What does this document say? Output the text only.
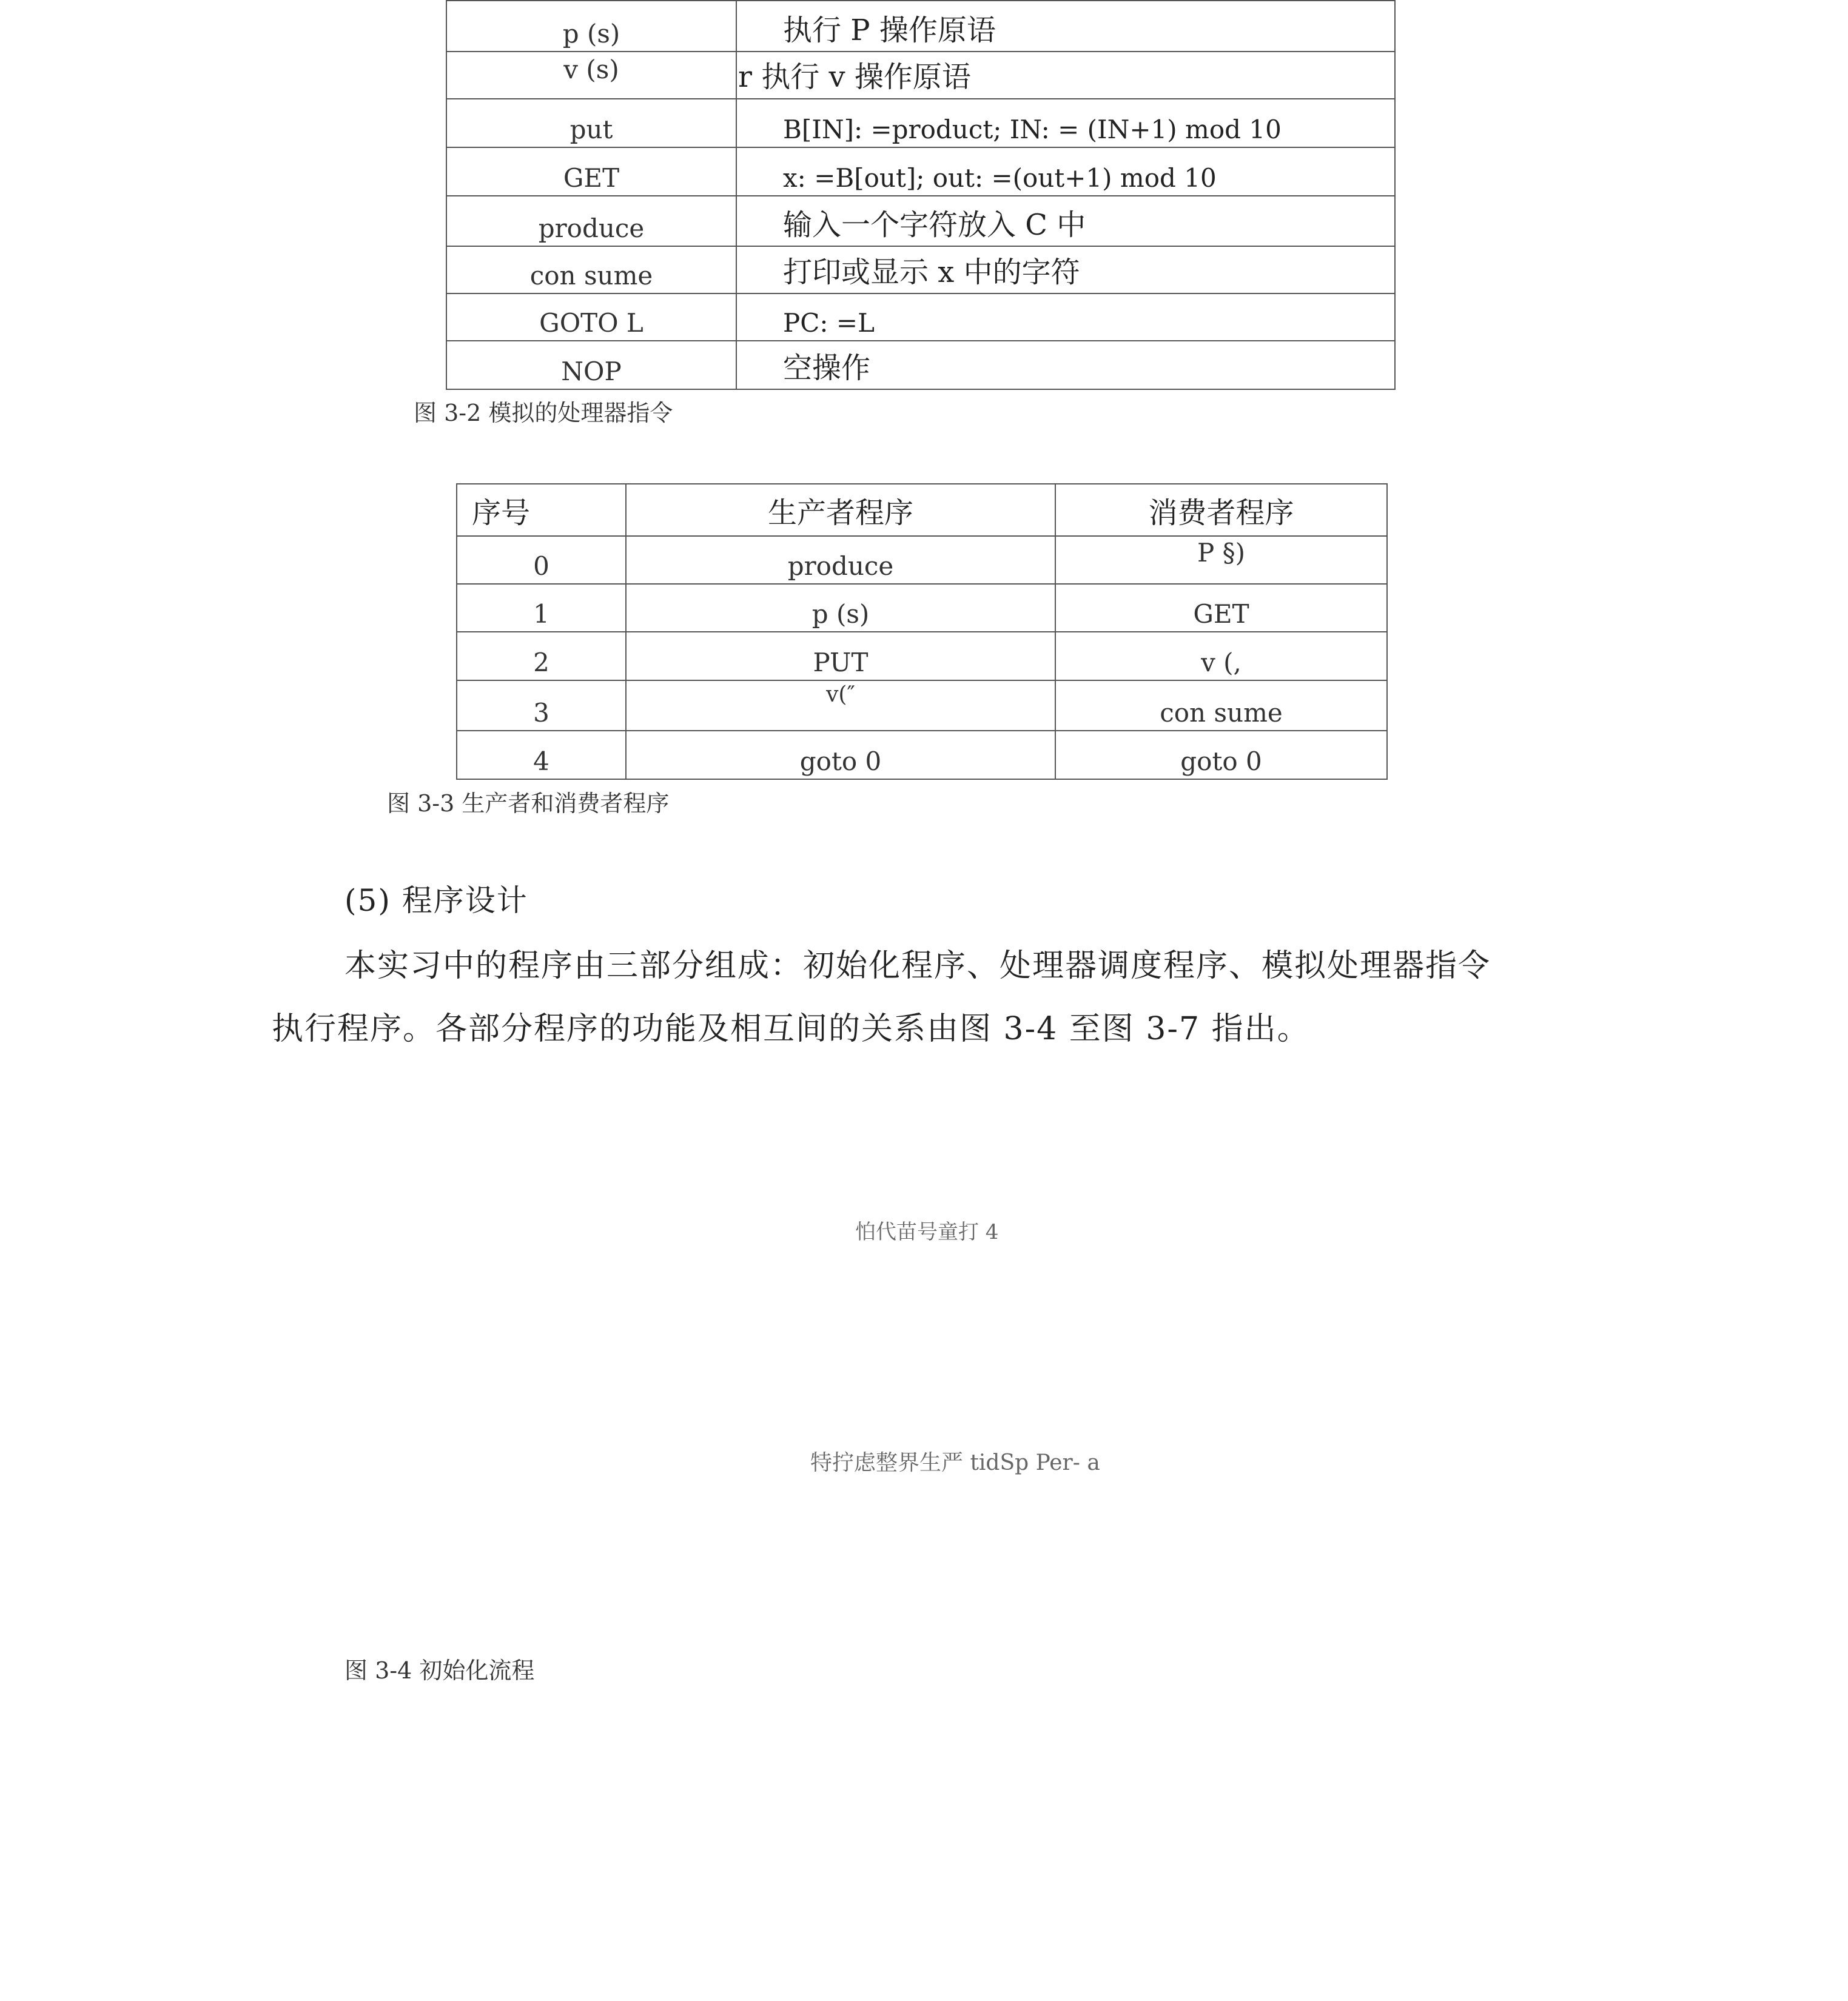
p (s)	执行 P 操作原语
v (s)	r 执行 v 操作原语
put	B[IN]: =product; IN: = (IN+1) mod 10
GET	x: =B[out]; out: =(out+1) mod 10
produce	输入一个字符放入 C 中
con sume	打印或显示 x 中的字符
GOTO L	PC: =L
NOP	空操作
图 3-2 模拟的处理器指令
序号	生产者程序	消费者程序
0	produce	P §)
1	p (s)	GET
2	PUT	v (,
3	v(″	con sume
4	goto 0	goto 0
图 3-3 生产者和消费者程序
(5) 程序设计
本实习中的程序由三部分组成：初始化程序、处理器调度程序、模拟处理器指令
执行程序。各部分程序的功能及相互间的关系由图 3-4 至图 3-7 指出。
怕代苗号童打 4
特拧虑整界生严 tidSp Per- a
图 3-4 初始化流程
